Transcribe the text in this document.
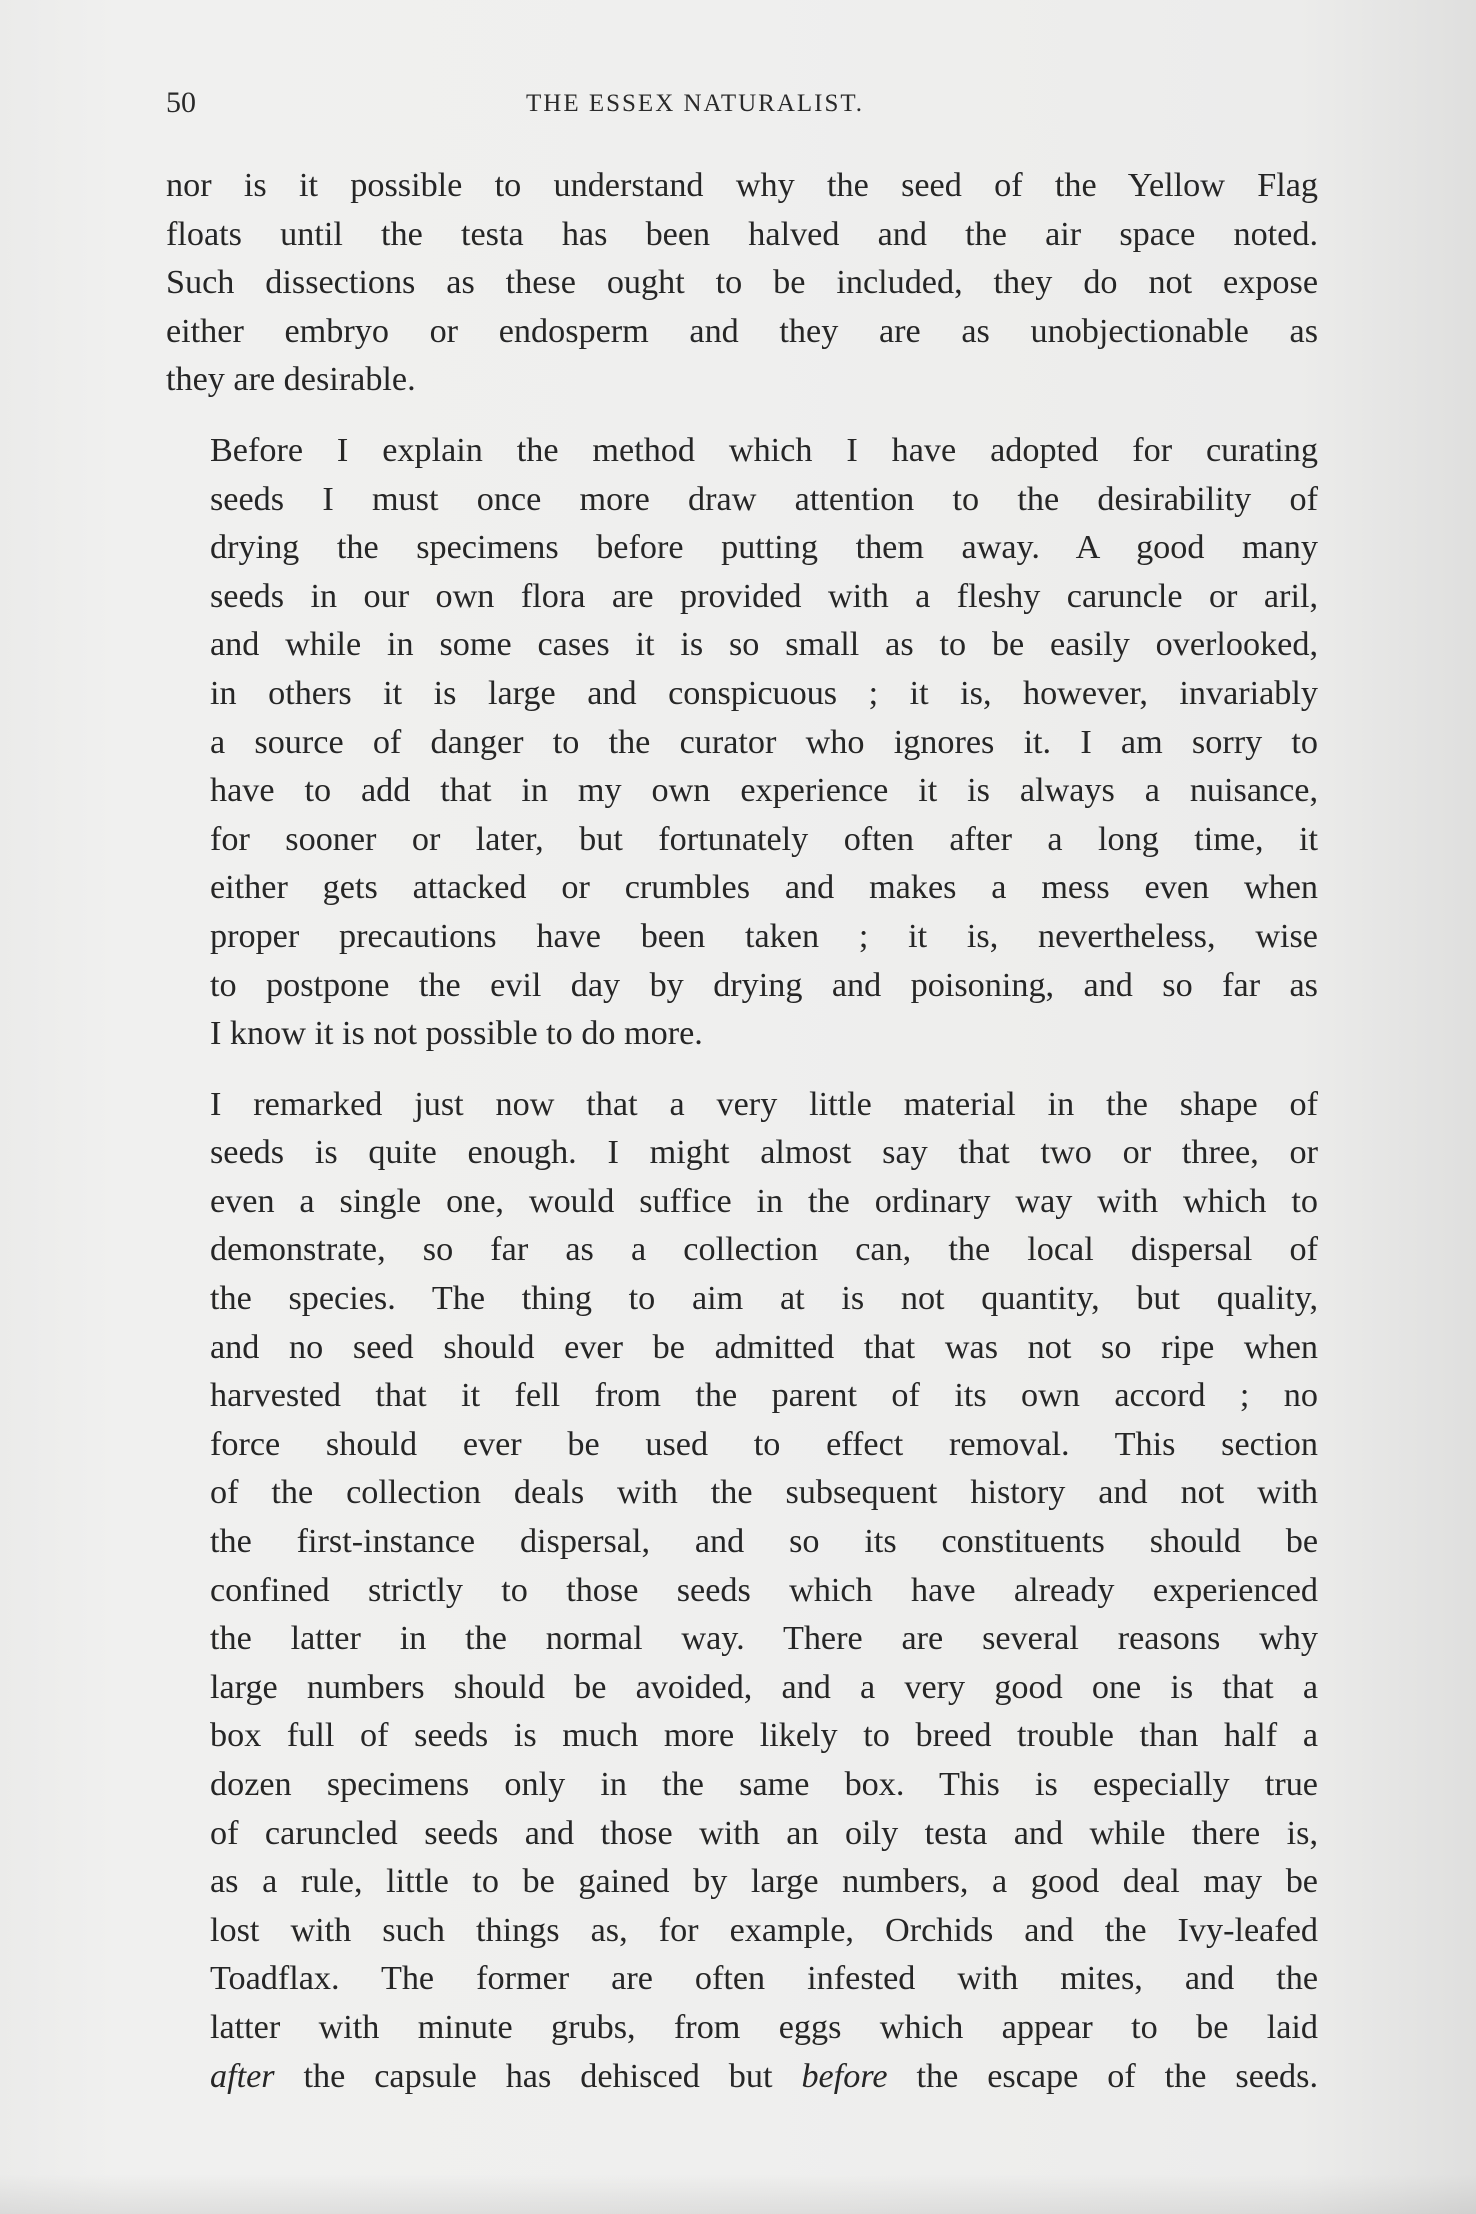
50	THE ESSEX NATURALIST.

nor is it possible to understand why the seed of the Yellow Flag
floats until the testa has been halved and the air space noted.
Such dissections as these ought to be included, they do not expose
either embryo or endosperm and they are as unobjectionable as
they are desirable.

Before I explain the method which I have adopted for curating
seeds I must once more draw attention to the desirability of
drying the specimens before putting them away. A good many
seeds in our own flora are provided with a fleshy caruncle or aril,
and while in some cases it is so small as to be easily overlooked,
in others it is large and conspicuous ; it is, however, invariably
a source of danger to the curator who ignores it. I am sorry to
have to add that in my own experience it is always a nuisance,
for sooner or later, but fortunately often after a long time, it
either gets attacked or crumbles and makes a mess even when
proper precautions have been taken ; it is, nevertheless, wise
to postpone the evil day by drying and poisoning, and so far as
I know it is not possible to do more.

I remarked just now that a very little material in the shape of
seeds is quite enough. I might almost say that two or three, or
even a single one, would suffice in the ordinary way with which to
demonstrate, so far as a collection can, the local dispersal of
the species. The thing to aim at is not quantity, but quality,
and no seed should ever be admitted that was not so ripe when
harvested that it fell from the parent of its own accord ; no
force should ever be used to effect removal. This section
of the collection deals with the subsequent history and not with
the first-instance dispersal, and so its constituents should be
confined strictly to those seeds which have already experienced
the latter in the normal way. There are several reasons why
large numbers should be avoided, and a very good one is that a
box full of seeds is much more likely to breed trouble than half a
dozen specimens only in the same box. This is especially true
of caruncled seeds and those with an oily testa and while there is,
as a rule, little to be gained by large numbers, a good deal may be
lost with such things as, for example, Orchids and the Ivy-leafed
Toadflax. The former are often infested with mites, and the
latter with minute grubs, from eggs which appear to be laid
after the capsule has dehisced but before the escape of the seeds.
